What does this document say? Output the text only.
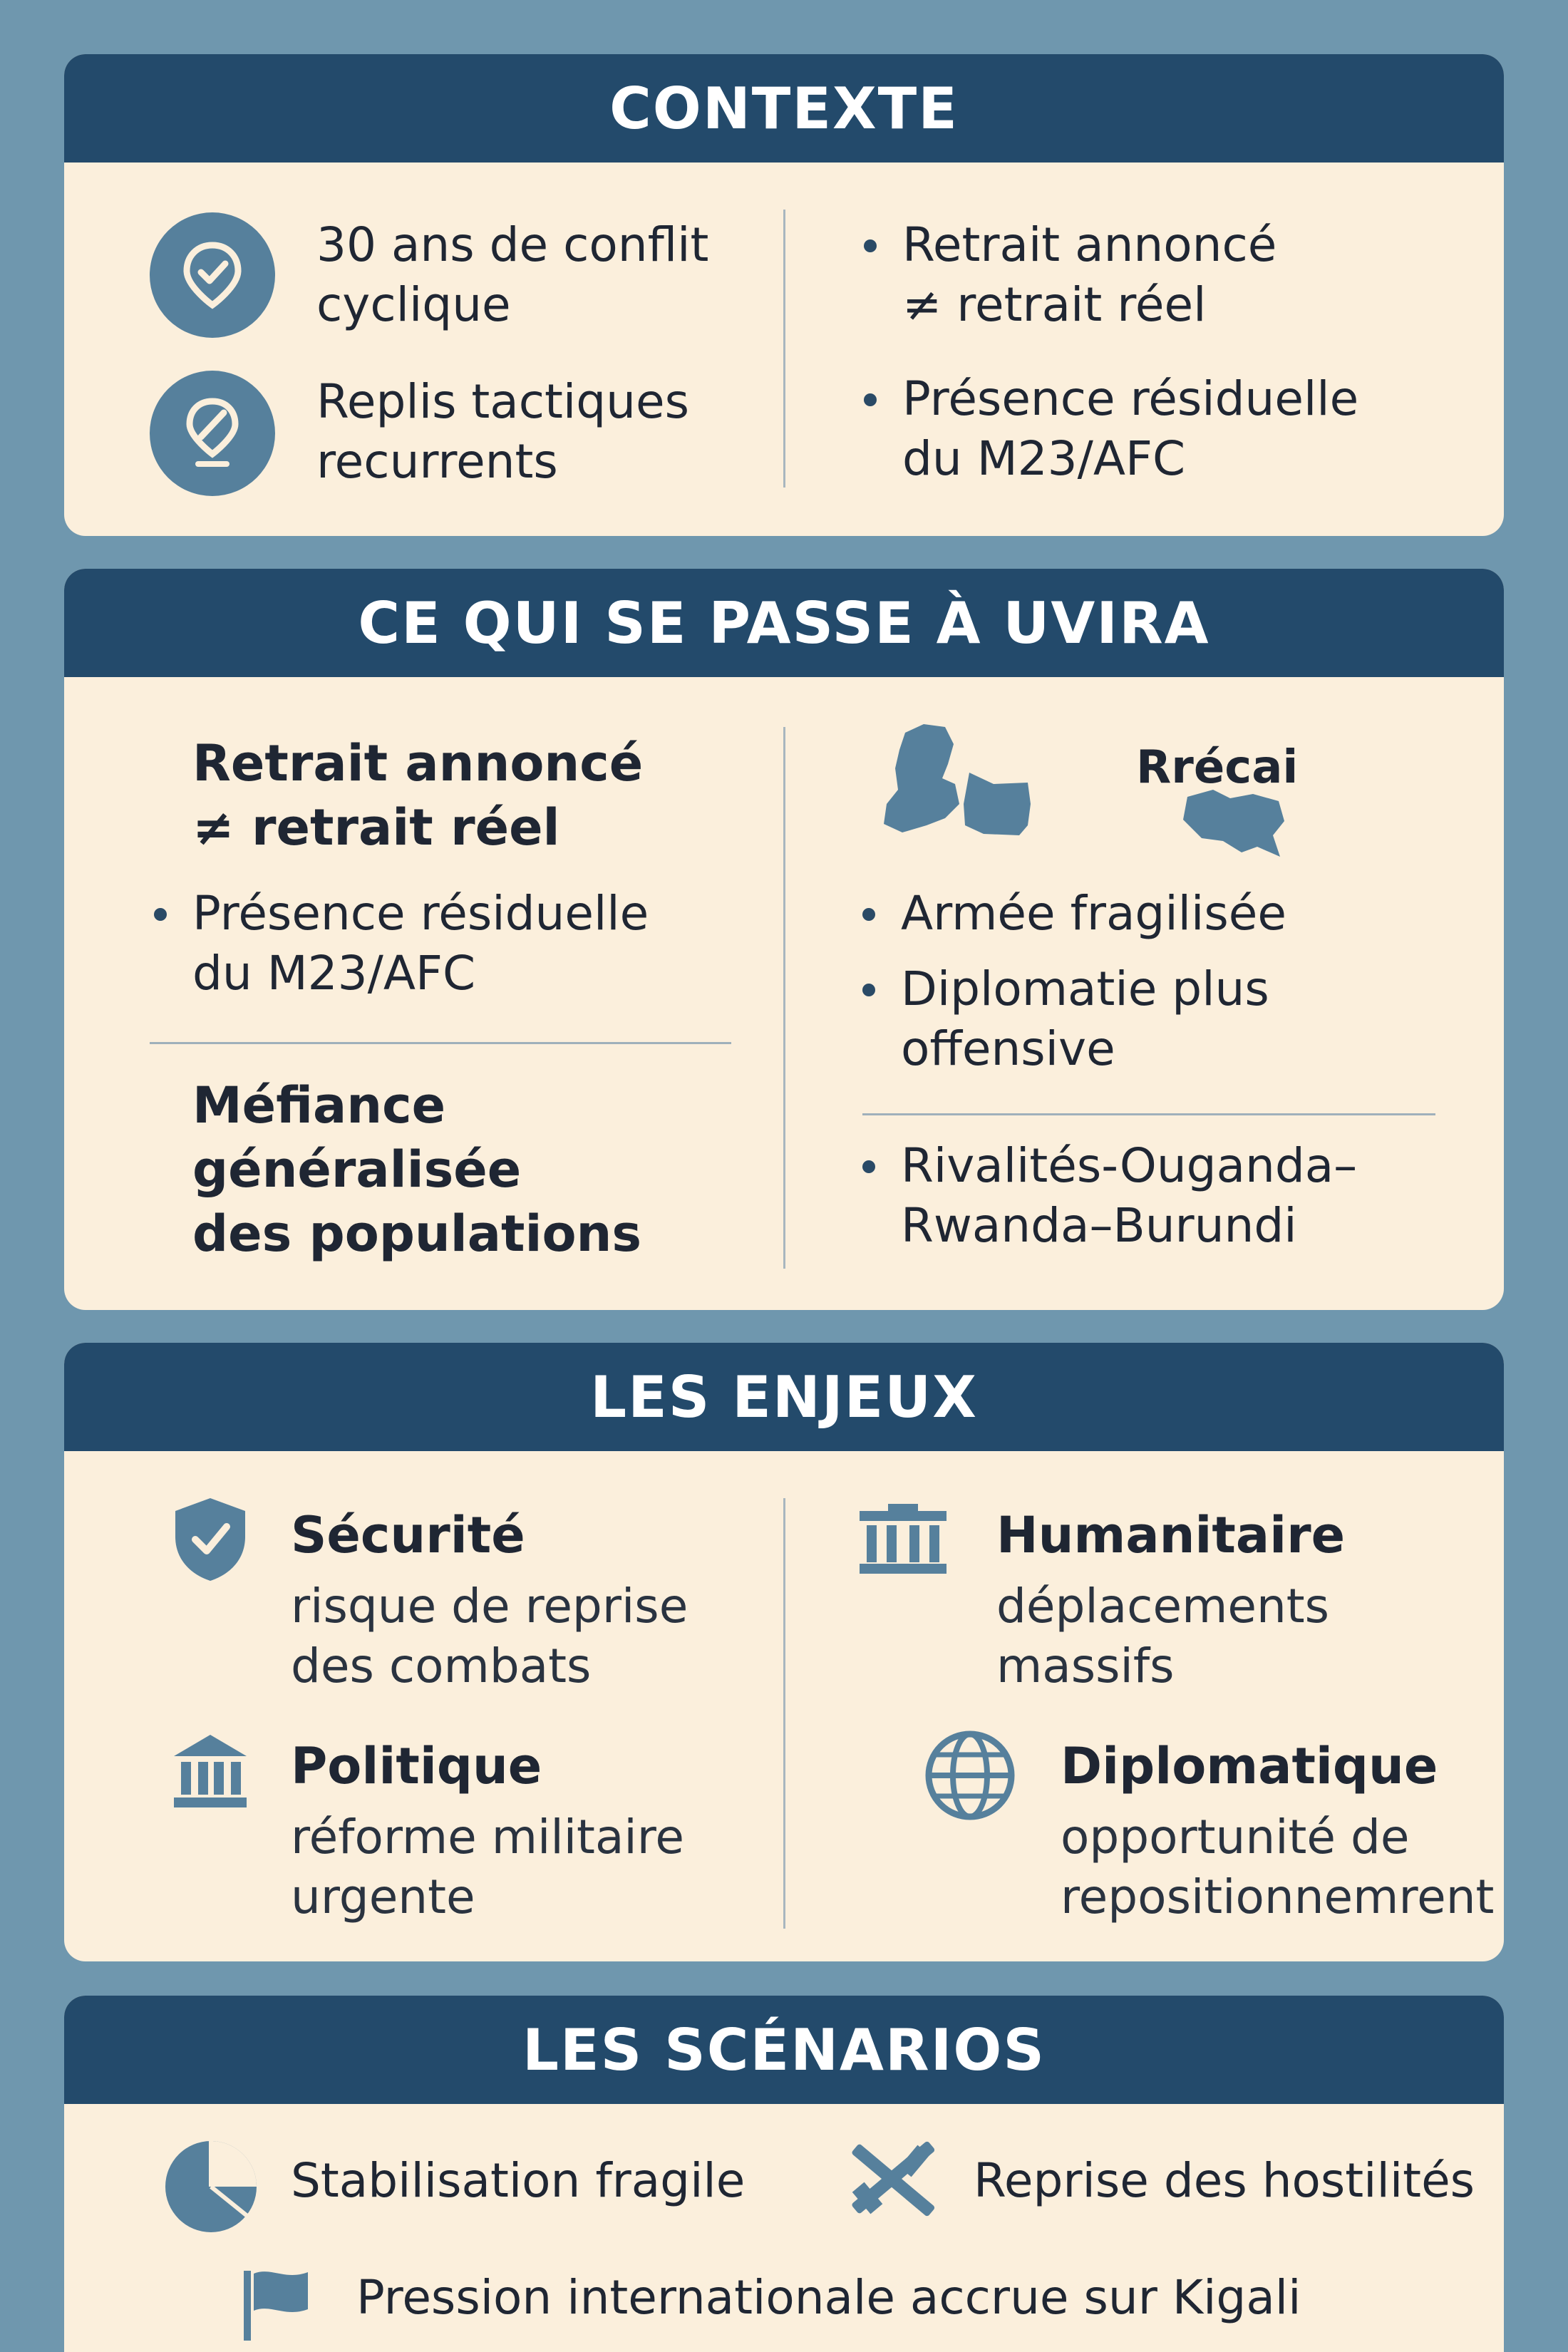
CONTEXTE
30 ans de conflit
cyclique
Replis tactiques
recurrents
Retrait annoncé
≠ retrait réel
Présence résiduelle
du M23/AFC
CE QUI SE PASSE À UVIRA
Retrait annoncé
≠ retrait réel
Présence résiduelle
du M23/AFC
Méfiance
généralisée
des populations
Rrécai
Armée fragilisée
Diplomatie plus
offensive
Rivalités-Ouganda–
Rwanda–Burundi
LES ENJEUX
Sécurité
risque de reprise
des combats
Humanitaire
déplacements
massifs
Politique
réforme militaire
urgente
Diplomatique
opportunité de
repositionnemrent
LES SCÉNARIOS
Stabilisation fragile	Reprise des hostilités
Pression internationale accrue sur Kigali
